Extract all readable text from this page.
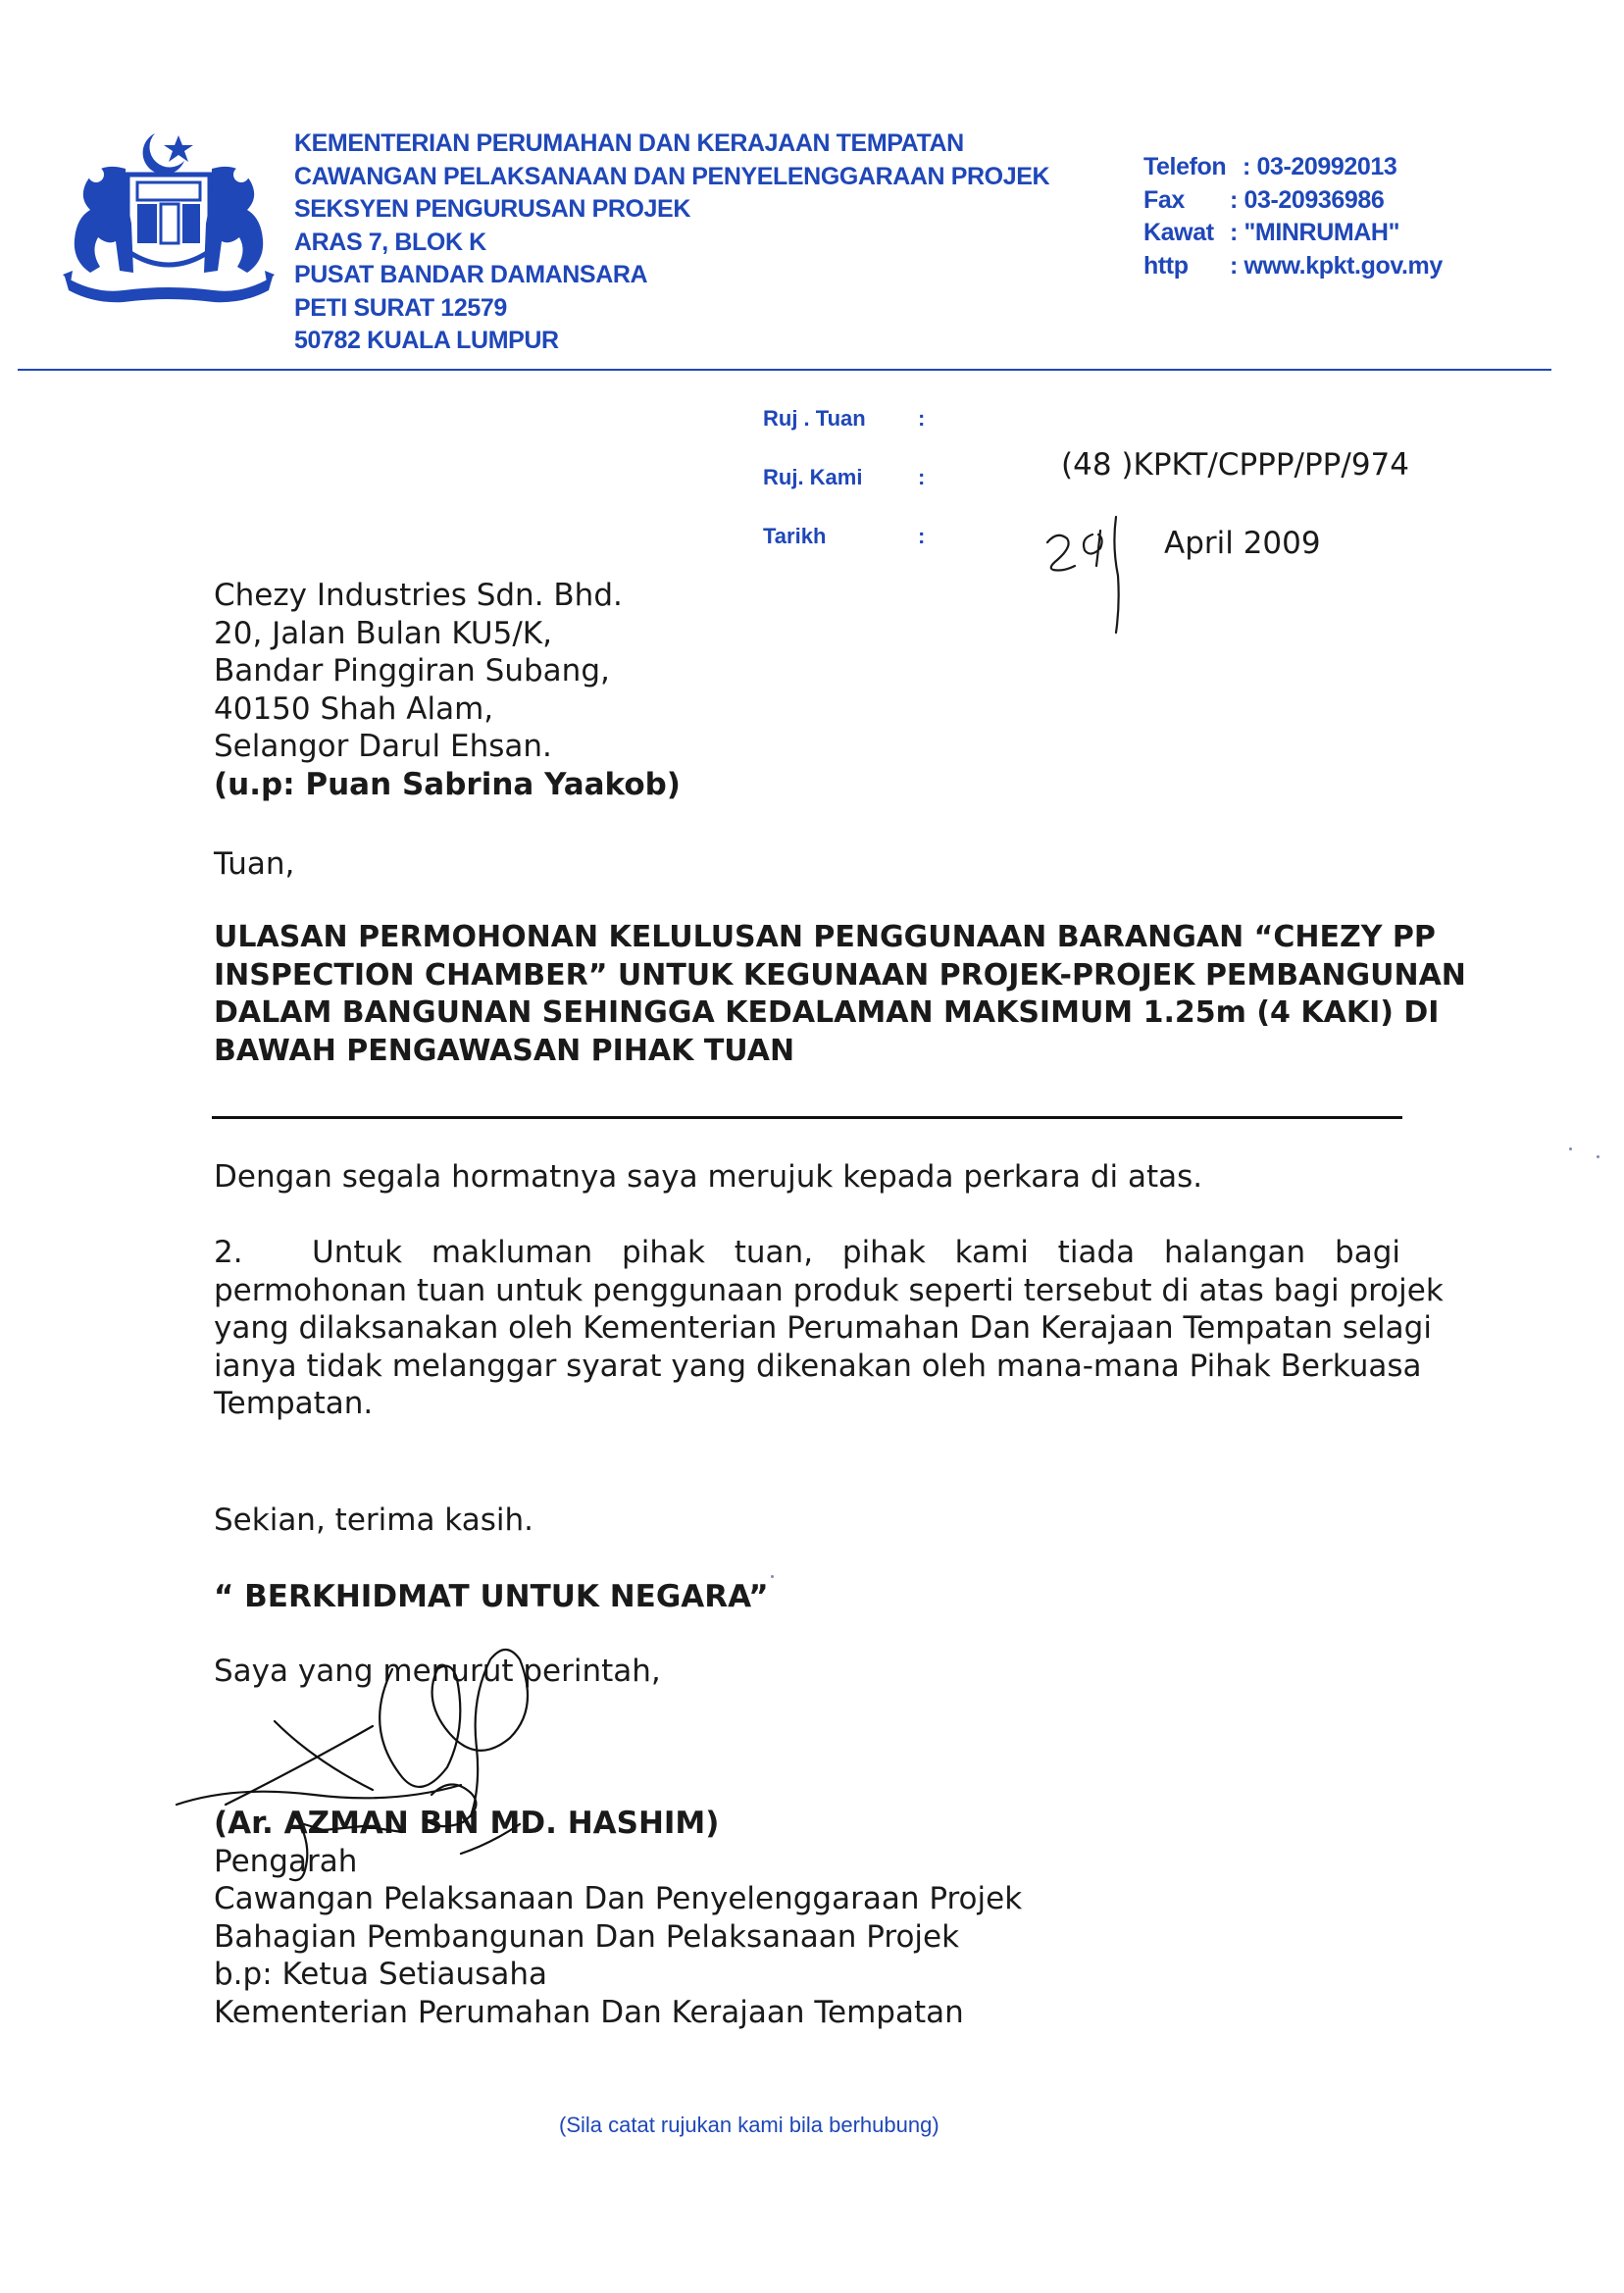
KEMENTERIAN PERUMAHAN DAN KERAJAAN TEMPATAN
CAWANGAN PELAKSANAAN DAN PENYELENGGARAAN PROJEK
SEKSYEN PENGURUSAN PROJEK
ARAS 7, BLOK K
PUSAT BANDAR DAMANSARA
PETI SURAT 12579
50782 KUALA LUMPUR
Telefon : 03-20992013
Fax : 03-20936986
Kawat : "MINRUMAH"
http : www.kpkt.gov.my
Ruj . Tuan :
Ruj. Kami	:	(48 )KPKT/CPPP/PP/974
Tarikh	:	April 2009
Chezy Industries Sdn. Bhd.
20, Jalan Bulan KU5/K,
Bandar Pinggiran Subang,
40150 Shah Alam,
Selangor Darul Ehsan.
(u.p: Puan Sabrina Yaakob)
Tuan,
ULASAN PERMOHONAN KELULUSAN PENGGUNAAN BARANGAN “CHEZY PP
INSPECTION CHAMBER” UNTUK KEGUNAAN PROJEK-PROJEK PEMBANGUNAN
DALAM BANGUNAN SEHINGGA KEDALAMAN MAKSIMUM 1.25m (4 KAKI) DI
BAWAH PENGAWASAN PIHAK TUAN
Dengan segala hormatnya saya merujuk kepada perkara di atas.
2. Untuk makluman pihak tuan, pihak kami tiada halangan bagi
permohonan tuan untuk penggunaan produk seperti tersebut di atas bagi projek
yang dilaksanakan oleh Kementerian Perumahan Dan Kerajaan Tempatan selagi
ianya tidak melanggar syarat yang dikenakan oleh mana-mana Pihak Berkuasa
Tempatan.
Sekian, terima kasih.
“ BERKHIDMAT UNTUK NEGARA”
Saya yang menurut perintah,
(Ar. AZMAN BIN MD. HASHIM)
Pengarah
Cawangan Pelaksanaan Dan Penyelenggaraan Projek
Bahagian Pembangunan Dan Pelaksanaan Projek
b.p: Ketua Setiausaha
Kementerian Perumahan Dan Kerajaan Tempatan
(Sila catat rujukan kami bila berhubung)
